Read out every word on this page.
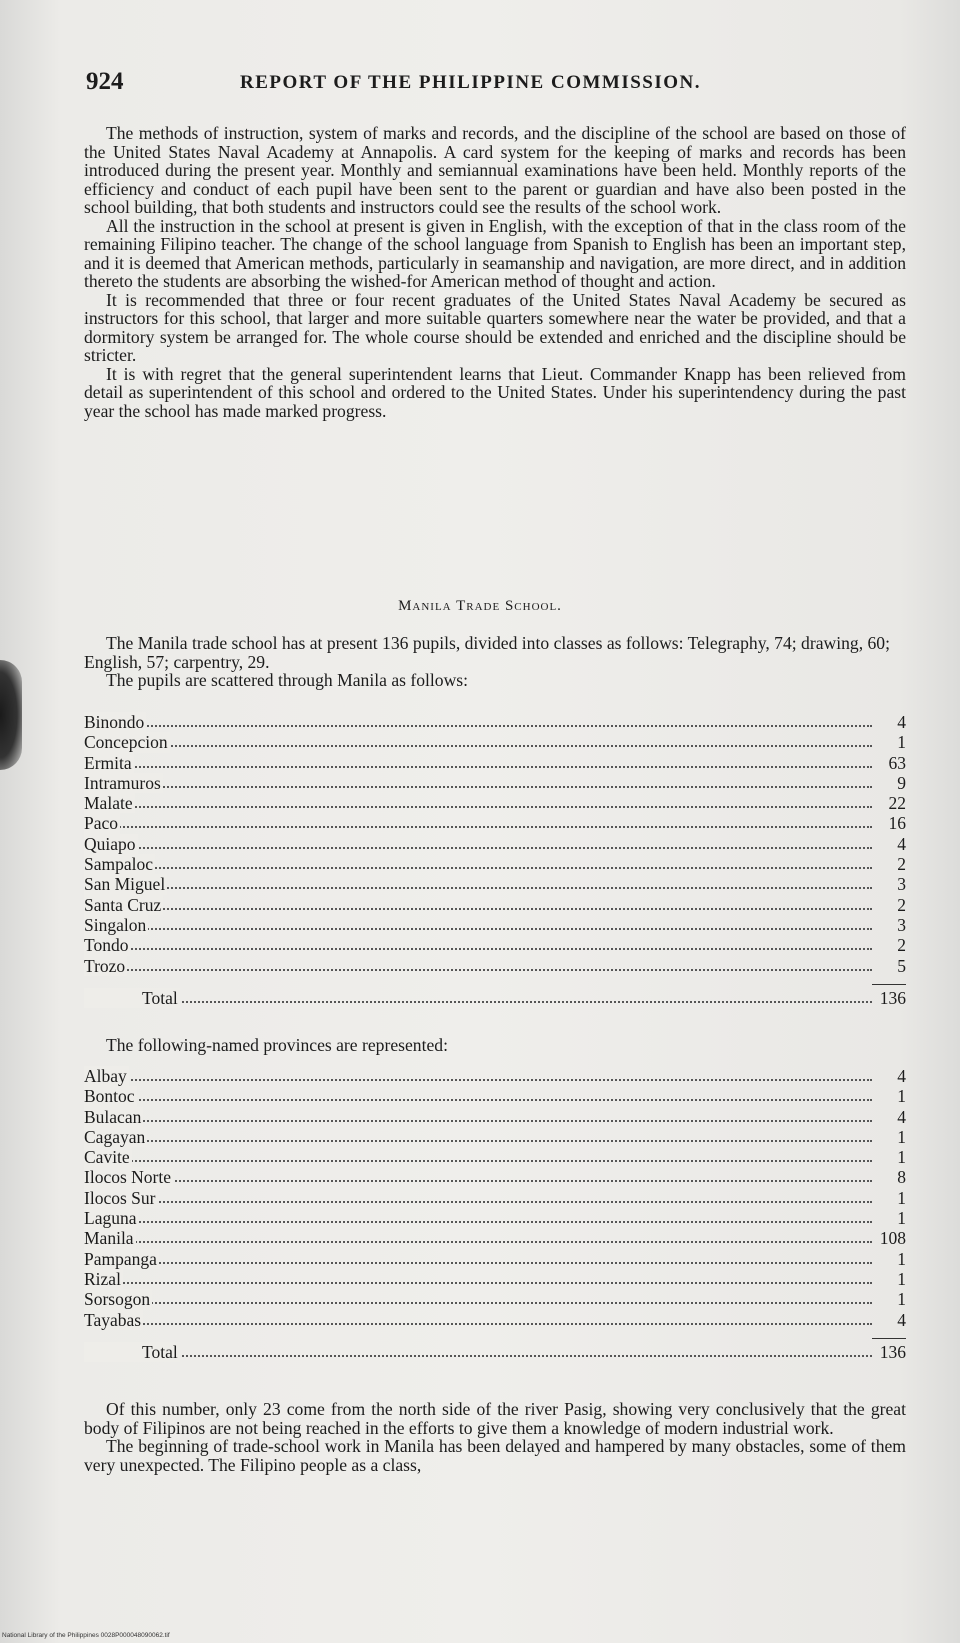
924	REPORT OF THE PHILIPPINE COMMISSION.

The methods of instruction, system of marks and records, and the discipline of the school are based on those of the United States Naval Academy at Annapolis. A card system for the keeping of marks and records has been introduced during the present year. Monthly and semiannual examinations have been held. Monthly reports of the efficiency and conduct of each pupil have been sent to the parent or guardian and have also been posted in the school building, that both students and instructors could see the results of the school work.

All the instruction in the school at present is given in English, with the exception of that in the class room of the remaining Filipino teacher. The change of the school language from Spanish to English has been an important step, and it is deemed that American methods, particularly in seamanship and navigation, are more direct, and in addition thereto the students are absorbing the wished-for American method of thought and action.

It is recommended that three or four recent graduates of the United States Naval Academy be secured as instructors for this school, that larger and more suitable quarters somewhere near the water be provided, and that a dormitory system be arranged for. The whole course should be extended and enriched and the discipline should be stricter.

It is with regret that the general superintendent learns that Lieut. Commander Knapp has been relieved from detail as superintendent of this school and ordered to the United States. Under his superintendency during the past year the school has made marked progress.

Manila Trade School.

The Manila trade school has at present 136 pupils, divided into classes as follows: Telegraphy, 74; drawing, 60; English, 57; carpentry, 29.

The pupils are scattered through Manila as follows:

Binondo	4
Concepcion	1
Ermita	63
Intramuros	9
Malate	22
Paco	16
Quiapo	4
Sampaloc	2
San Miguel	3
Santa Cruz	2
Singalon	3
Tondo	2
Trozo	5
Total	136

The following-named provinces are represented:

Albay	4
Bontoc	1
Bulacan	4
Cagayan	1
Cavite	1
Ilocos Norte	8
Ilocos Sur	1
Laguna	1
Manila	108
Pampanga	1
Rizal	1
Sorsogon	1
Tayabas	4
Total	136

Of this number, only 23 come from the north side of the river Pasig, showing very conclusively that the great body of Filipinos are not being reached in the efforts to give them a knowledge of modern industrial work.

The beginning of trade-school work in Manila has been delayed and hampered by many obstacles, some of them very unexpected. The Filipino people as a class,

National Library of the Philippines 0028P000048090062.tif
